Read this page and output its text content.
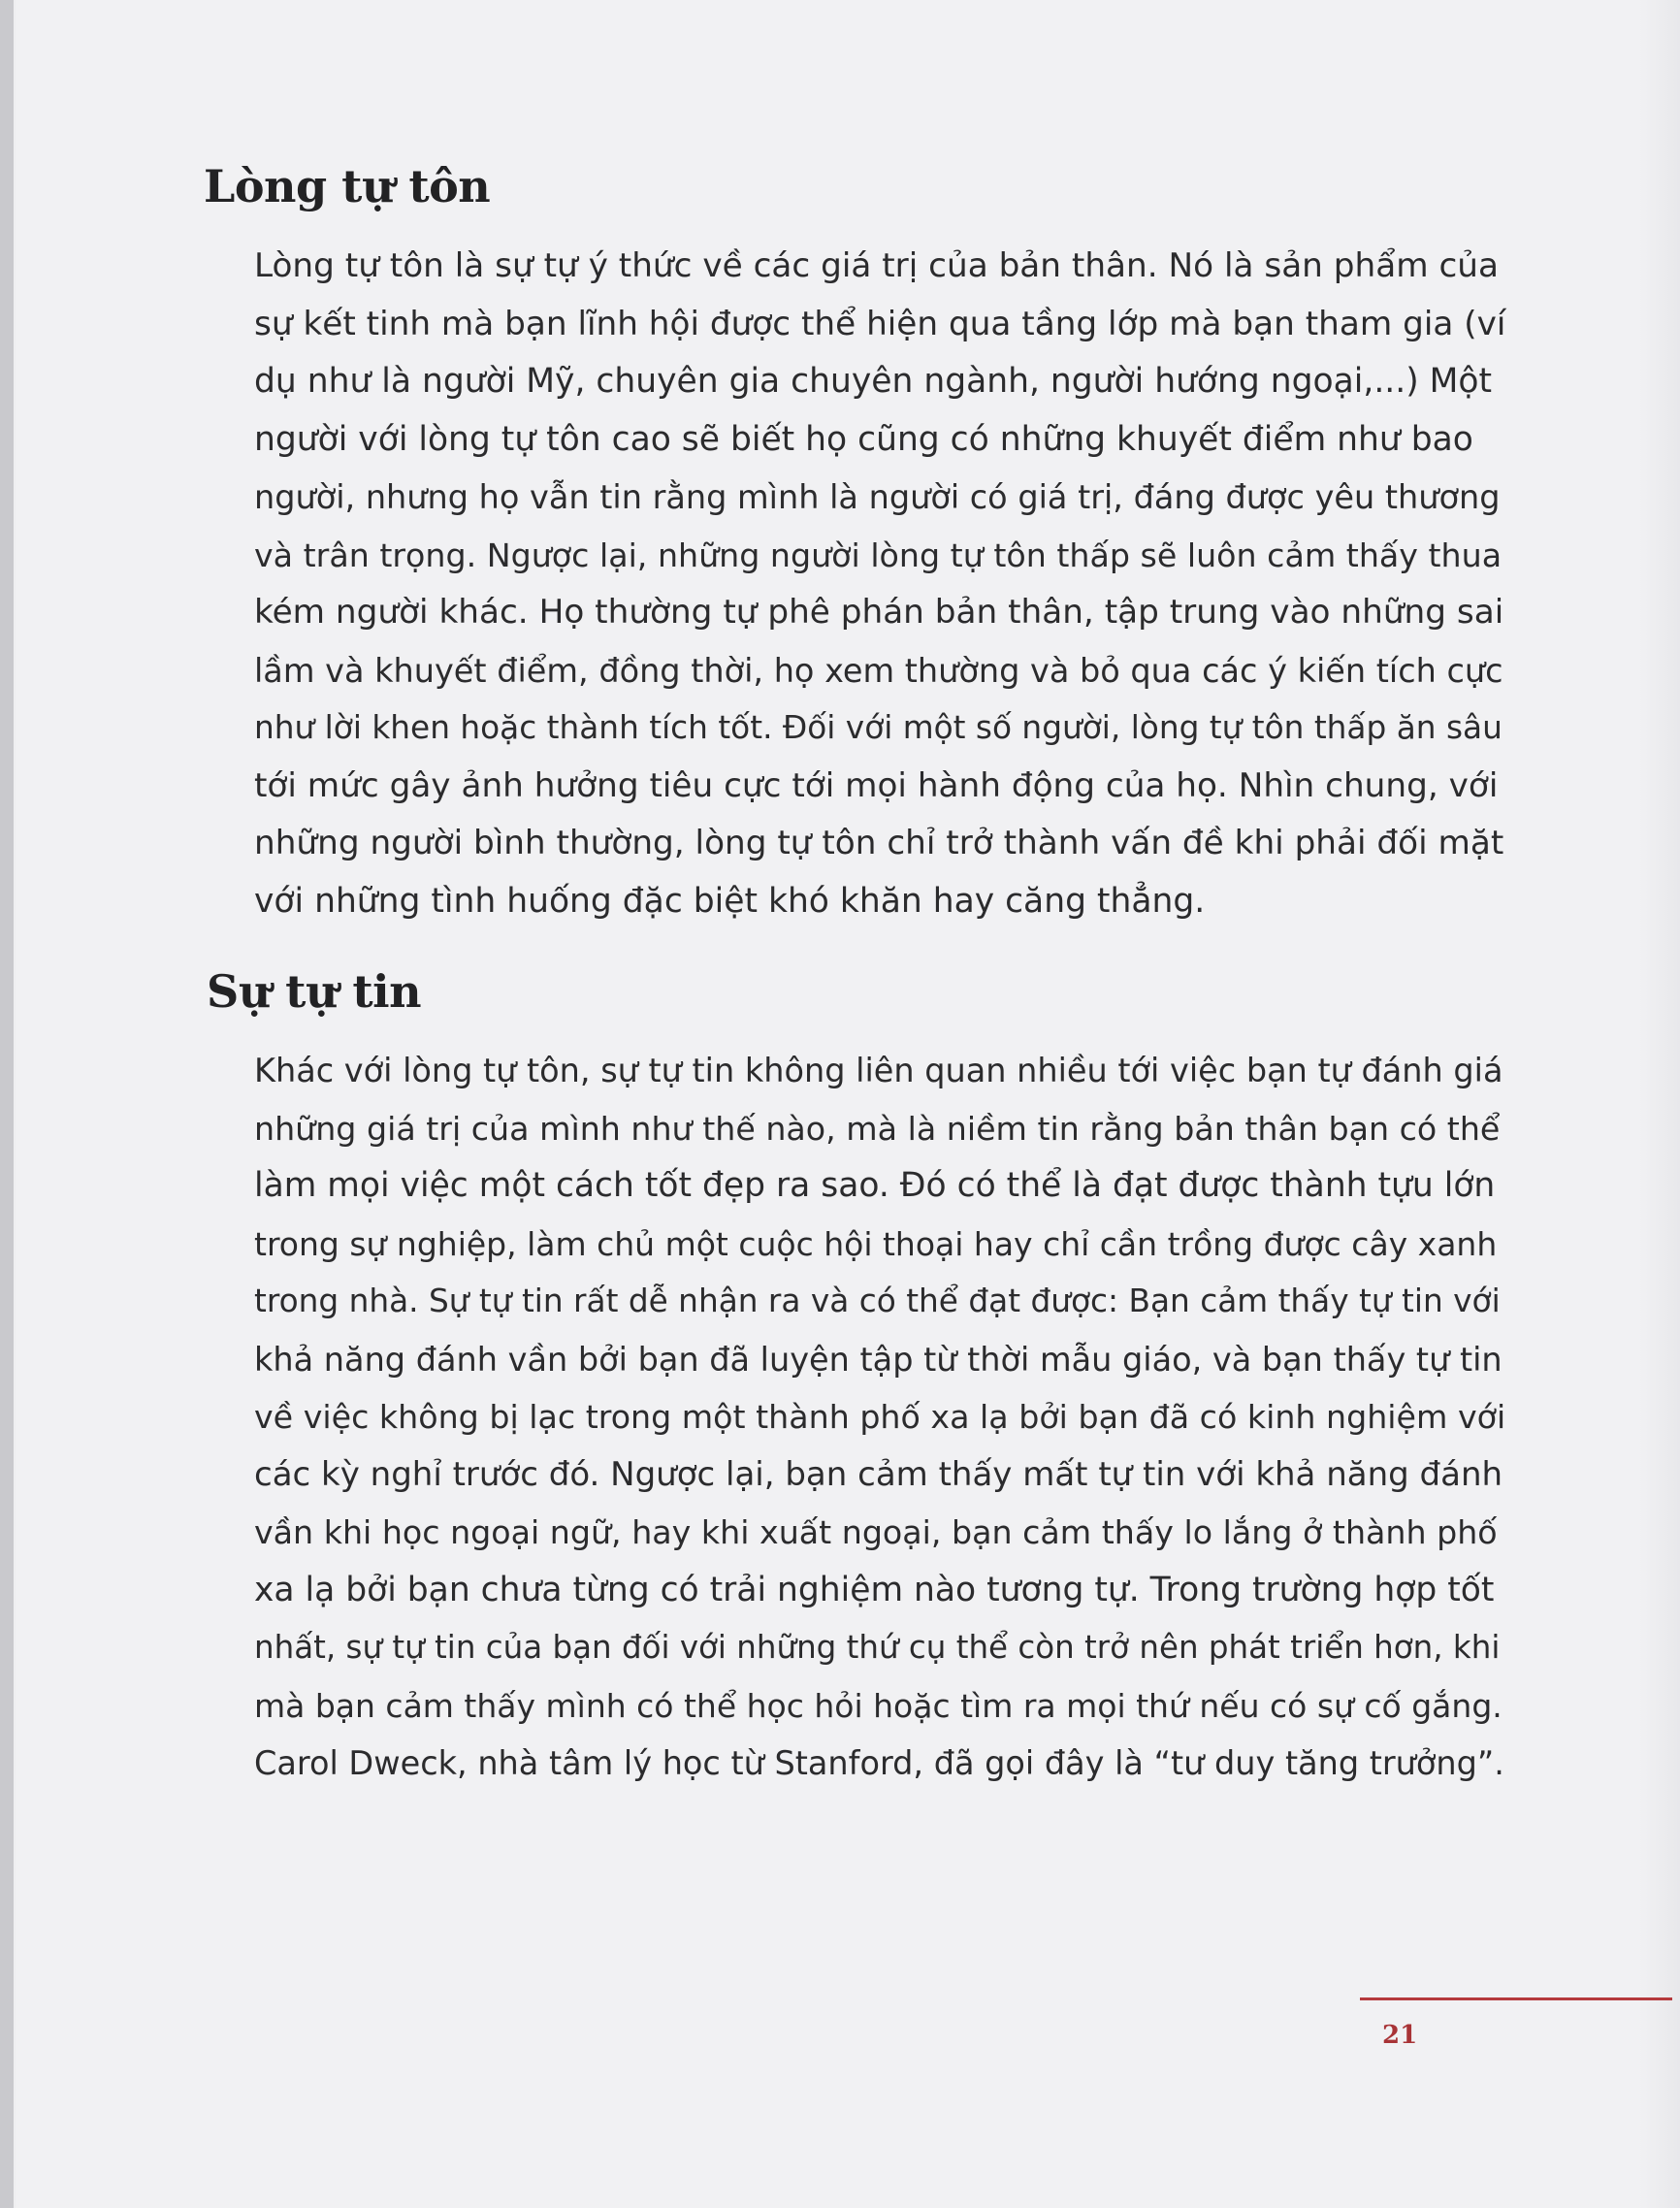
Lòng tự tôn
Lòng tự tôn là sự tự ý thức về các giá trị của bản thân. Nó là sản phẩm của
sự kết tinh mà bạn lĩnh hội được thể hiện qua tầng lớp mà bạn tham gia (ví
dụ như là người Mỹ, chuyên gia chuyên ngành, người hướng ngoại,...) Một
người với lòng tự tôn cao sẽ biết họ cũng có những khuyết điểm như bao
người, nhưng họ vẫn tin rằng mình là người có giá trị, đáng được yêu thương
và trân trọng. Ngược lại, những người lòng tự tôn thấp sẽ luôn cảm thấy thua
kém người khác. Họ thường tự phê phán bản thân, tập trung vào những sai
lầm và khuyết điểm, đồng thời, họ xem thường và bỏ qua các ý kiến tích cực
như lời khen hoặc thành tích tốt. Đối với một số người, lòng tự tôn thấp ăn sâu
tới mức gây ảnh hưởng tiêu cực tới mọi hành động của họ. Nhìn chung, với
những người bình thường, lòng tự tôn chỉ trở thành vấn đề khi phải đối mặt
với những tình huống đặc biệt khó khăn hay căng thẳng.
Sự tự tin
Khác với lòng tự tôn, sự tự tin không liên quan nhiều tới việc bạn tự đánh giá
những giá trị của mình như thế nào, mà là niềm tin rằng bản thân bạn có thể
làm mọi việc một cách tốt đẹp ra sao. Đó có thể là đạt được thành tựu lớn
trong sự nghiệp, làm chủ một cuộc hội thoại hay chỉ cần trồng được cây xanh
trong nhà. Sự tự tin rất dễ nhận ra và có thể đạt được: Bạn cảm thấy tự tin với
khả năng đánh vần bởi bạn đã luyện tập từ thời mẫu giáo, và bạn thấy tự tin
về việc không bị lạc trong một thành phố xa lạ bởi bạn đã có kinh nghiệm với
các kỳ nghỉ trước đó. Ngược lại, bạn cảm thấy mất tự tin với khả năng đánh
vần khi học ngoại ngữ, hay khi xuất ngoại, bạn cảm thấy lo lắng ở thành phố
xa lạ bởi bạn chưa từng có trải nghiệm nào tương tự. Trong trường hợp tốt
nhất, sự tự tin của bạn đối với những thứ cụ thể còn trở nên phát triển hơn, khi
mà bạn cảm thấy mình có thể học hỏi hoặc tìm ra mọi thứ nếu có sự cố gắng.
Carol Dweck, nhà tâm lý học từ Stanford, đã gọi đây là “tư duy tăng trưởng”.
21
